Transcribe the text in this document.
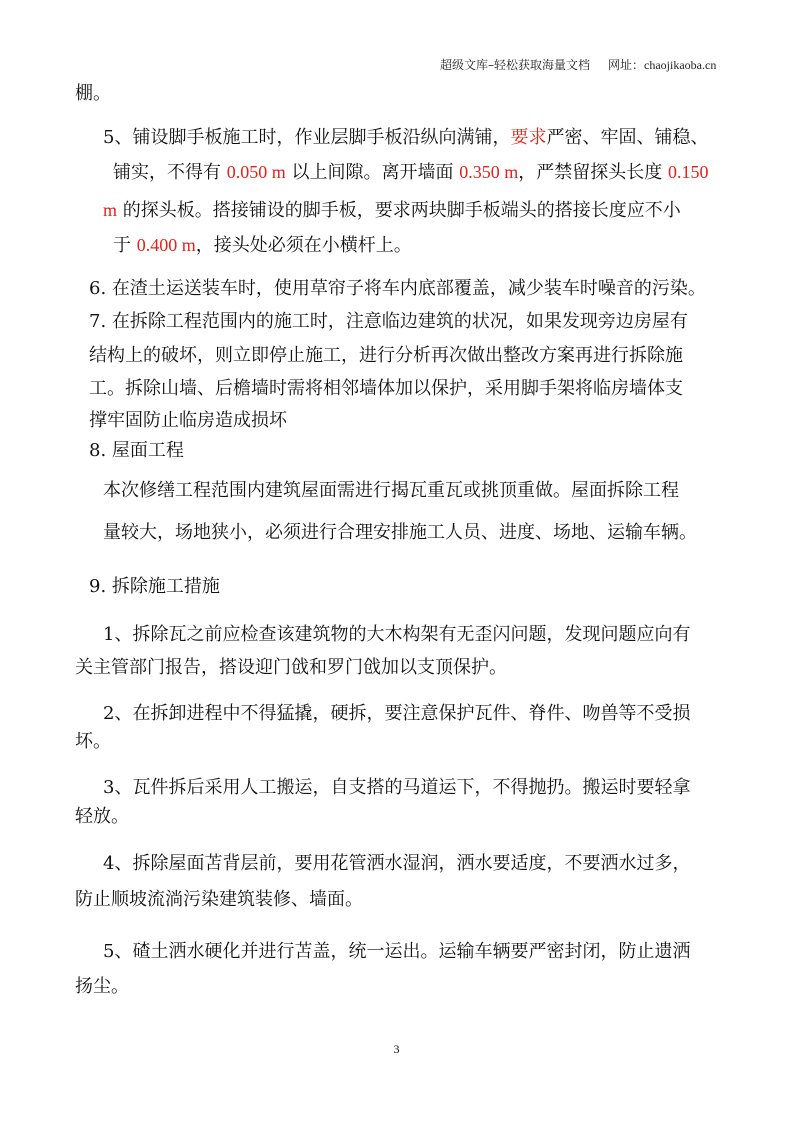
超级文库–轻松获取海量文档 网址：chaojikaoba.cn
棚。
5、铺设脚手板施工时，作业层脚手板沿纵向满铺，要求严密、牢固、铺稳、
铺实，不得有 0.050 m 以上间隙。离开墙面 0.350 m，严禁留探头长度 0.150
m 的探头板。搭接铺设的脚手板，要求两块脚手板端头的搭接长度应不小
于 0.400 m，接头处必须在小横杆上。
6. 在渣土运送装车时，使用草帘子将车内底部覆盖，减少装车时噪音的污染。
7. 在拆除工程范围内的施工时，注意临边建筑的状况，如果发现旁边房屋有
结构上的破坏，则立即停止施工，进行分析再次做出整改方案再进行拆除施
工。拆除山墙、后檐墙时需将相邻墙体加以保护，采用脚手架将临房墙体支
撑牢固防止临房造成损坏
8. 屋面工程
本次修缮工程范围内建筑屋面需进行揭瓦重瓦或挑顶重做。屋面拆除工程
量较大，场地狭小，必须进行合理安排施工人员、进度、场地、运输车辆。
9. 拆除施工措施
1、拆除瓦之前应检查该建筑物的大木构架有无歪闪问题，发现问题应向有
关主管部门报告，搭设迎门戗和罗门戗加以支顶保护。
2、在拆卸进程中不得猛撬，硬拆，要注意保护瓦件、脊件、吻兽等不受损
坏。
3、瓦件拆后采用人工搬运，自支搭的马道运下，不得抛扔。搬运时要轻拿
轻放。
4、拆除屋面苫背层前，要用花管洒水湿润，洒水要适度，不要洒水过多，
防止顺坡流淌污染建筑装修、墙面。
5、碴土洒水硬化并进行苫盖，统一运出。运输车辆要严密封闭，防止遗洒
扬尘。
3
